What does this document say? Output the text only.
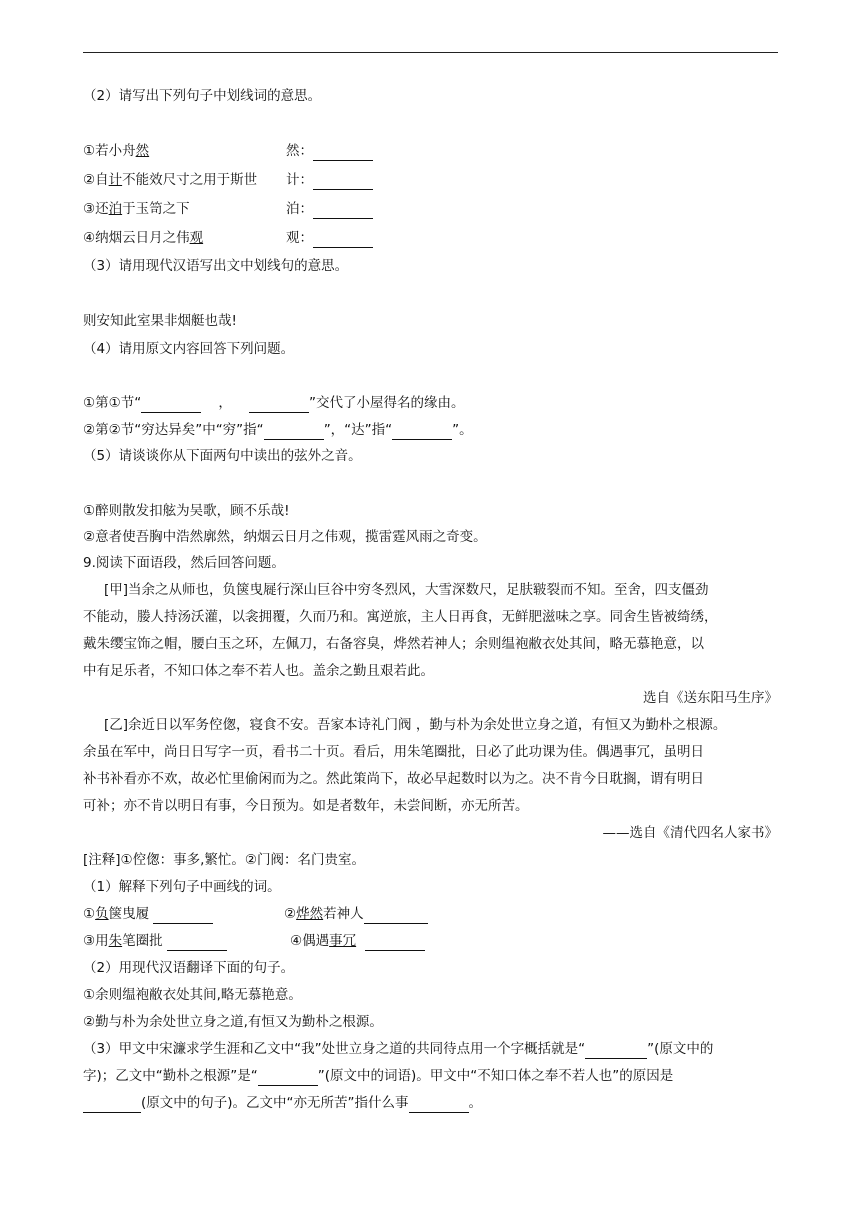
（2）请写出下列句子中划线词的意思。
①若小舟然	然：
②自计不能效尺寸之用于斯世 计：
③还泊于玉笥之下	泊：
④纳烟云日月之伟观	观：
（3）请用现代汉语写出文中划线句的意思。
则安知此室果非烟艇也哉!
（4）请用原文内容回答下列问题。
①第①节“	，	”交代了小屋得名的缘由。
②第②节“穷达异矣”中“穷”指“	”，“达”指“	”。
（5）请谈谈你从下面两句中读出的弦外之音。
①醉则散发扣舷为吴歌，顾不乐哉!
②意者使吾胸中浩然廓然，纳烟云日月之伟观，揽雷霆风雨之奇变。
9.阅读下面语段，然后回答问题。
[甲]当余之从师也，负箧曳屣行深山巨谷中穷冬烈风，大雪深数尺，足肤皲裂而不知。至舍，四支僵劲
不能动，媵人持汤沃灌，以衾拥覆，久而乃和。寓逆旅，主人日再食，无鲜肥滋味之享。同舍生皆被绮绣，
戴朱缨宝饰之帽，腰白玉之环，左佩刀，右备容臭，烨然若神人；余则缊袍敝衣处其间，略无慕艳意，以
中有足乐者，不知口体之奉不若人也。盖余之勤且艰若此。
选自《送东阳马生序》
[乙]余近日以军务倥偬，寝食不安。吾家本诗礼门阀 ，勤与朴为余处世立身之道，有恒又为勤朴之根源。
余虽在军中，尚日日写字一页，看书二十页。看后，用朱笔圈批，日必了此功课为佳。偶遇事冗，虽明日
补书补看亦不欢，故必忙里偷闲而为之。然此策尚下，故必早起数时以为之。决不肯今日耽搁，谓有明日
可补；亦不肯以明日有事，今日预为。如是者数年，未尝间断，亦无所苦。
——选自《清代四名人家书》
[注释]①倥偬：事多,繁忙。②门阀：名门贵室。
（1）解释下列句子中画线的词。
①负箧曳履	②烨然若神人
③用朱笔圈批	④偶遇事冗
（2）用现代汉语翻译下面的句子。
①余则缊袍敝衣处其间,略无慕艳意。
②勤与朴为余处世立身之道,有恒又为勤朴之根源。
（3）甲文中宋濂求学生涯和乙文中“我”处世立身之道的共同待点用一个字概括就是“	”(原文中的
字)；乙文中“勤朴之根源”是“	”(原文中的词语)。甲文中“不知口体之奉不若人也”的原因是
(原文中的句子)。乙文中“亦无所苦”指什么事	。
